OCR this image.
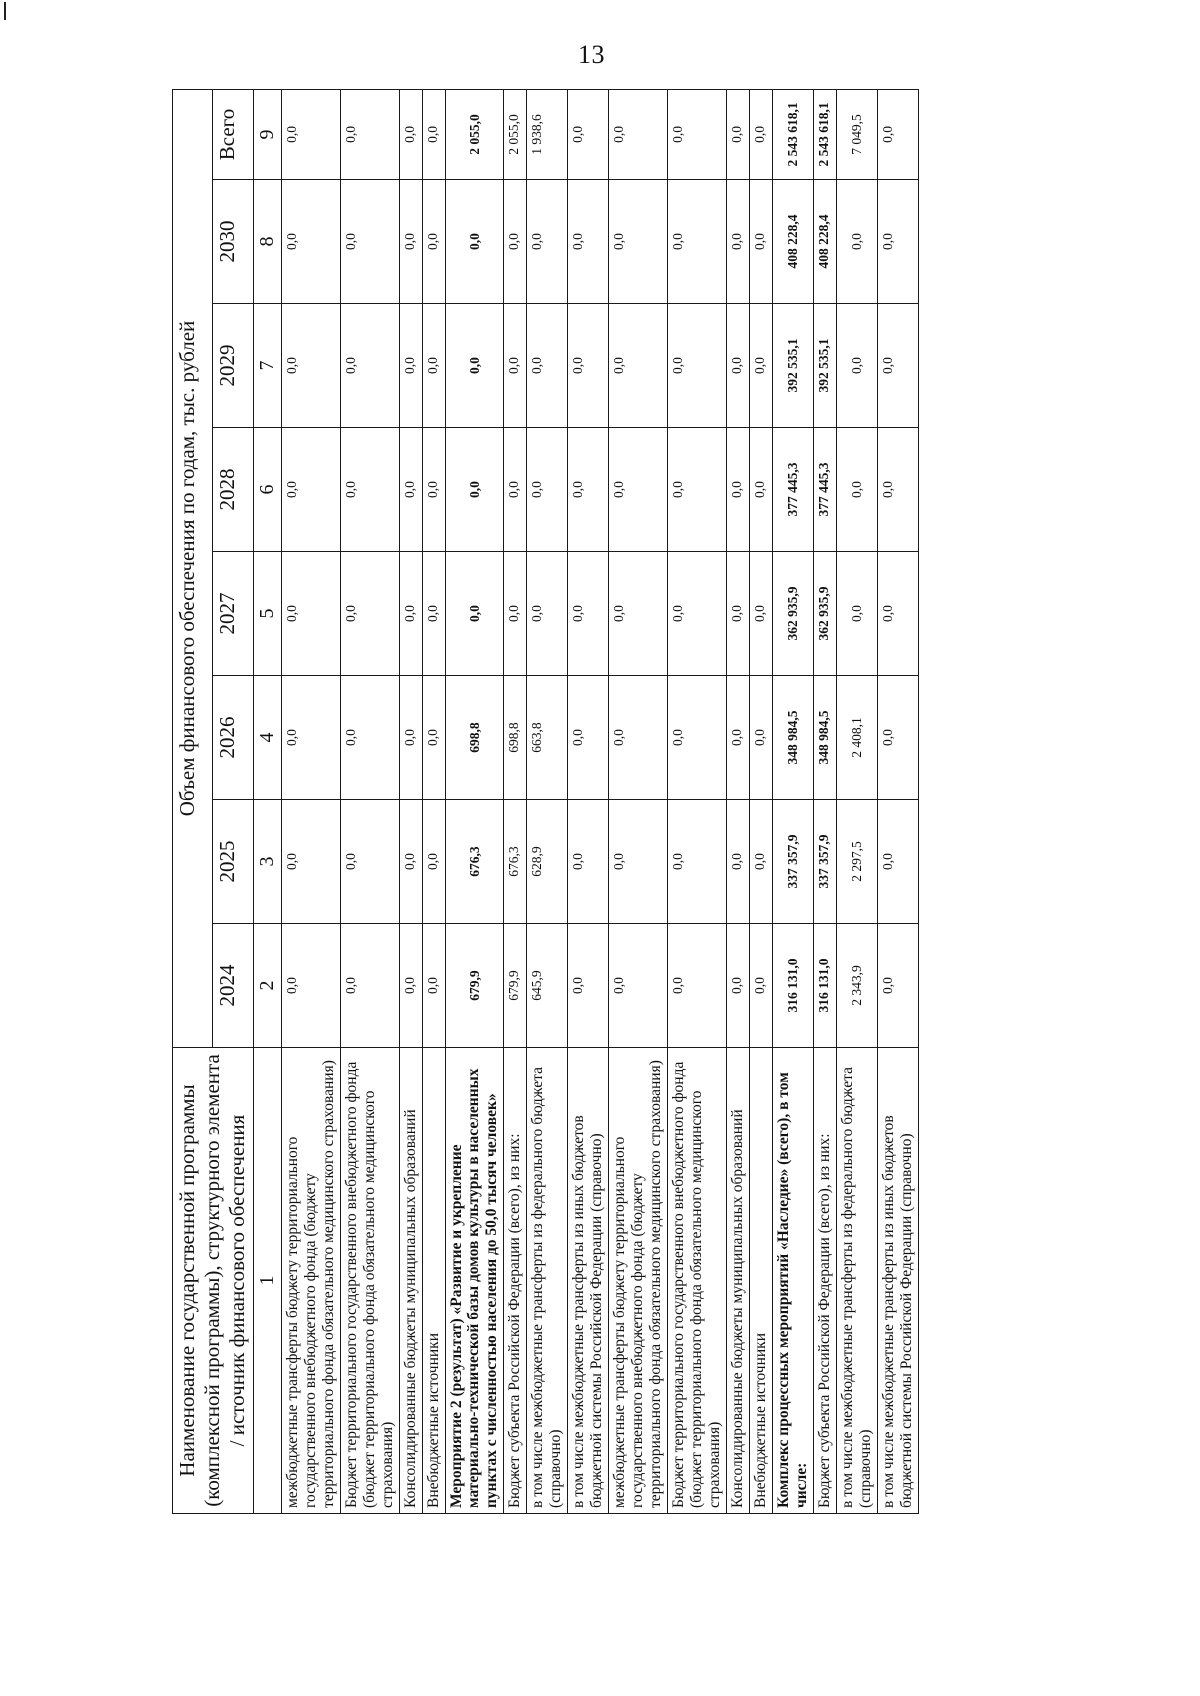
13
Наименование государственной программы (комплексной программы), структурного элемента / источник финансового обеспечения	Объем финансового обеспечения по годам, тыс. рублей							
	2024	2025	2026	2027	2028	2029	2030	Всего
1	2	3	4	5	6	7	8	9
межбюджетные трансферты бюджету территориального государственного внебюджетного фонда (бюджету территориального фонда обязательного медицинского страхования)	0,0	0,0	0,0	0,0	0,0	0,0	0,0	0,0
Бюджет территориального государственного внебюджетного фонда (бюджет территориального фонда обязательного медицинского страхования)	0,0	0,0	0,0	0,0	0,0	0,0	0,0	0,0
Консолидированные бюджеты муниципальных образований	0,0	0,0	0,0	0,0	0,0	0,0	0,0	0,0
Внебюджетные источники	0,0	0,0	0,0	0,0	0,0	0,0	0,0	0,0
Мероприятие 2 (результат) «Развитие и укрепление материально-технической базы домов культуры в населенных пунктах с численностью населения до 50,0 тысяч человек»	679,9	676,3	698,8	0,0	0,0	0,0	0,0	2 055,0
Бюджет субъекта Российской Федерации (всего), из них:	679,9	676,3	698,8	0,0	0,0	0,0	0,0	2 055,0
в том числе межбюджетные трансферты из федерального бюджета (справочно)	645,9	628,9	663,8	0,0	0,0	0,0	0,0	1 938,6
в том числе межбюджетные трансферты из иных бюджетов бюджетной системы Российской Федерации (справочно)	0,0	0,0	0,0	0,0	0,0	0,0	0,0	0,0
межбюджетные трансферты бюджету территориального государственного внебюджетного фонда (бюджету территориального фонда обязательного медицинского страхования)	0,0	0,0	0,0	0,0	0,0	0,0	0,0	0,0
Бюджет территориального государственного внебюджетного фонда (бюджет территориального фонда обязательного медицинского страхования)	0,0	0,0	0,0	0,0	0,0	0,0	0,0	0,0
Консолидированные бюджеты муниципальных образований	0,0	0,0	0,0	0,0	0,0	0,0	0,0	0,0
Внебюджетные источники	0,0	0,0	0,0	0,0	0,0	0,0	0,0	0,0
Комплекс процессных мероприятий «Наследие» (всего), в том числе:	316 131,0	337 357,9	348 984,5	362 935,9	377 445,3	392 535,1	408 228,4	2 543 618,1
Бюджет субъекта Российской Федерации (всего), из них:	316 131,0	337 357,9	348 984,5	362 935,9	377 445,3	392 535,1	408 228,4	2 543 618,1
в том числе межбюджетные трансферты из федерального бюджета (справочно)	2 343,9	2 297,5	2 408,1	0,0	0,0	0,0	0,0	7 049,5
в том числе межбюджетные трансферты из иных бюджетов бюджетной системы Российской Федерации (справочно)	0,0	0,0	0,0	0,0	0,0	0,0	0,0	0,0
